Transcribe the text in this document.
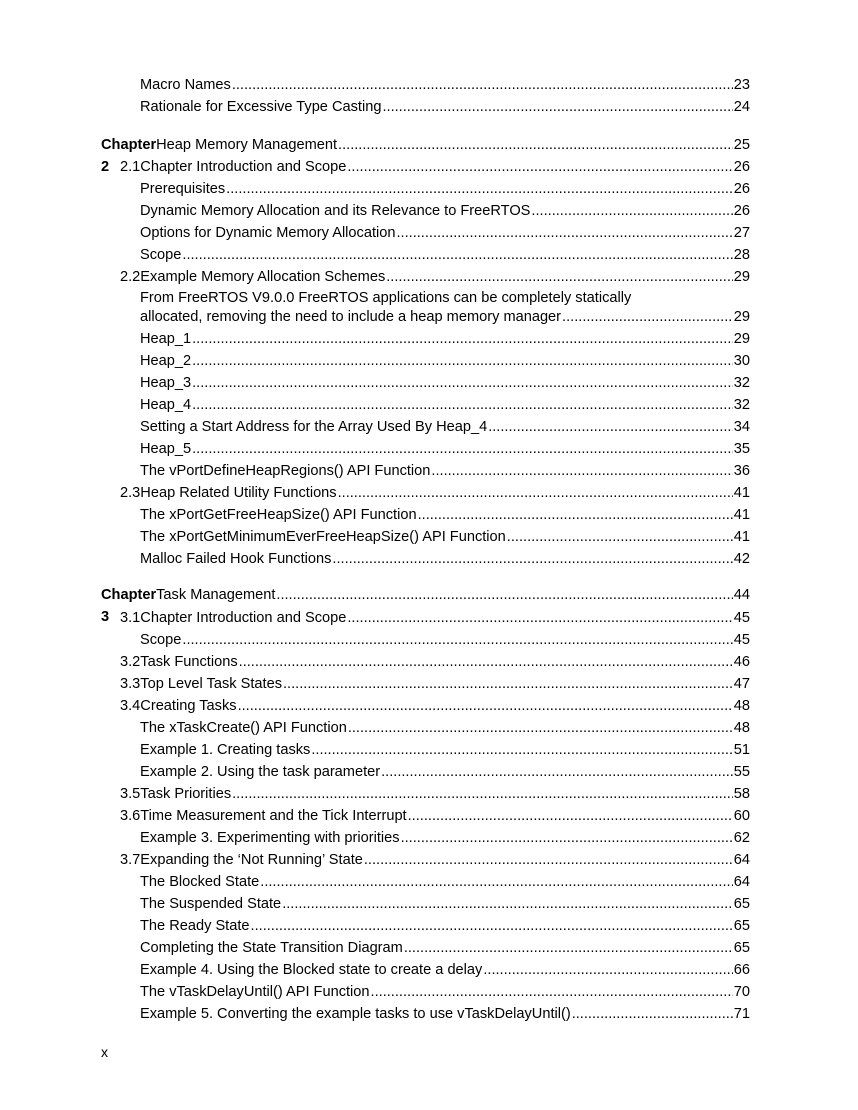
Macro Names .....	23
Rationale for Excessive Type Casting .....	24
Chapter 2
Heap Memory Management .....	25
2.1 Chapter Introduction and Scope .....	26
Prerequisites .....	26
Dynamic Memory Allocation and its Relevance to FreeRTOS .....	26
Options for Dynamic Memory Allocation .....	27
Scope .....	28
2.2 Example Memory Allocation Schemes .....	29
From FreeRTOS V9.0.0 FreeRTOS applications can be completely statically
allocated, removing the need to include a heap memory manager .....	29
Heap_1 .....	29
Heap_2 .....	30
Heap_3 .....	32
Heap_4 .....	32
Setting a Start Address for the Array Used By Heap_4 .....	34
Heap_5 .....	35
The vPortDefineHeapRegions() API Function .....	36
2.3 Heap Related Utility Functions .....	41
The xPortGetFreeHeapSize() API Function .....	41
The xPortGetMinimumEverFreeHeapSize() API Function .....	41
Malloc Failed Hook Functions .....	42
Chapter 3
Task Management .....	44
3.1 Chapter Introduction and Scope .....	45
Scope .....	45
3.2 Task Functions .....	46
3.3 Top Level Task States .....	47
3.4 Creating Tasks .....	48
The xTaskCreate() API Function .....	48
Example 1. Creating tasks .....	51
Example 2. Using the task parameter .....	55
3.5 Task Priorities .....	58
3.6 Time Measurement and the Tick Interrupt .....	60
Example 3. Experimenting with priorities .....	62
3.7 Expanding the ‘Not Running’ State .....	64
The Blocked State .....	64
The Suspended State .....	65
The Ready State .....	65
Completing the State Transition Diagram .....	65
Example 4. Using the Blocked state to create a delay .....	66
The vTaskDelayUntil() API Function .....	70
Example 5. Converting the example tasks to use vTaskDelayUntil() .....	71
x
